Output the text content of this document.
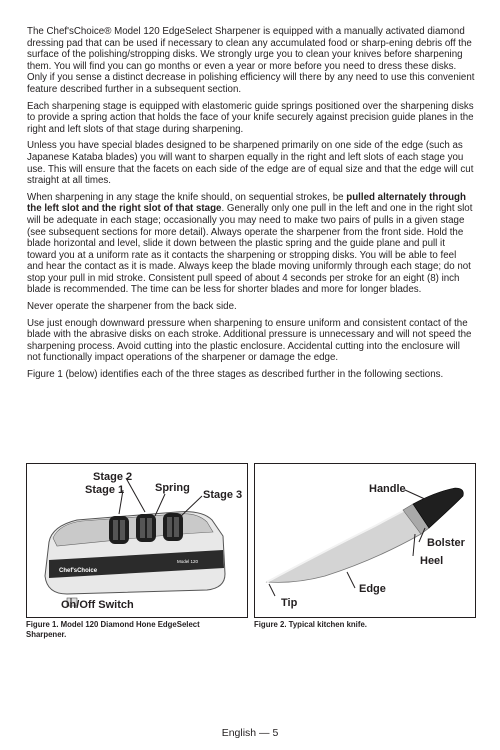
The Chef'sChoice® Model 120 EdgeSelect Sharpener is equipped with a manually activated diamond dressing pad that can be used if necessary to clean any accumulated food or sharp-ening debris off the surface of the polishing/stropping disks. We strongly urge you to clean your knives before sharpening them. You will find you can go months or even a year or more before you need to dress these disks. Only if you sense a distinct decrease in polishing efficiency will there by any need to use this convenient feature described further in a subsequent section.

Each sharpening stage is equipped with elastomeric guide springs positioned over the sharpening disks to provide a spring action that holds the face of your knife securely against precision guide planes in the right and left slots of that stage during sharpening.

Unless you have special blades designed to be sharpened primarily on one side of the edge (such as Japanese Kataba blades) you will want to sharpen equally in the right and left slots of each stage you use. This will ensure that the facets on each side of the edge are of equal size and that the edge will cut straight at all times.

When sharpening in any stage the knife should, on sequential strokes, be pulled alternately through the left slot and the right slot of that stage. Generally only one pull in the left and one in the right slot will be adequate in each stage; occasionally you may need to make two pairs of pulls in a given stage (see subsequent sections for more detail). Always operate the sharpener from the front side. Hold the blade horizontal and level, slide it down between the plastic spring and the guide plane and pull it toward you at a uniform rate as it contacts the sharpening or stropping disks. You will be able to feel and hear the contact as it is made. Always keep the blade moving uniformly through each stage; do not stop your pull in mid stroke. Consistent pull speed of about 4 seconds per stroke for an eight (8) inch blade is recommended. The time can be less for shorter blades and more for longer blades.

Never operate the sharpener from the back side.

Use just enough downward pressure when sharpening to ensure uniform and consistent contact of the blade with the abrasive disks on each stroke. Additional pressure is unnecessary and will not speed the sharpening process. Avoid cutting into the plastic enclosure. Accidental cutting into the enclosure will not functionally impact operations of the sharpener or damage the edge.

Figure 1 (below) identifies each of the three stages as described further in the following sections.

Chef'sChoice
Model 120
Stage 2
Stage 1	Spring
Stage 3
On/Off Switch
Handle
Bolster
Heel
Edge
Tip
Figure 1. Model 120 Diamond Hone EdgeSelect Sharpener.
Figure 2. Typical kitchen knife.
English — 5
